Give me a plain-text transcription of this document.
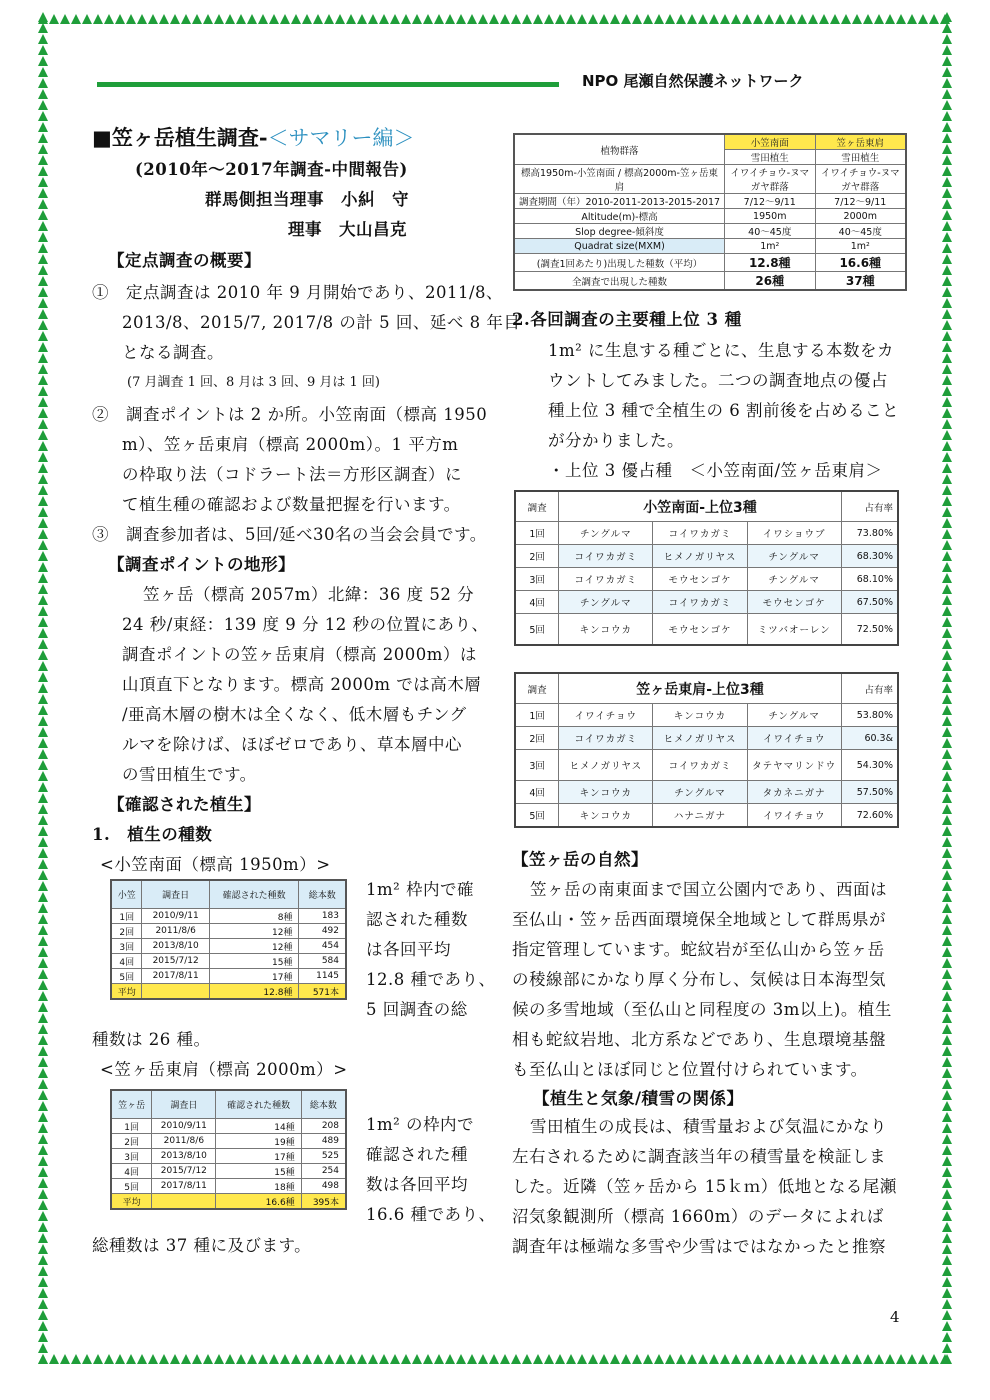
NPO 尾瀬自然保護ネットワーク
■笠ヶ岳植生調査-＜サマリー編＞
(2010年～2017年調査-中間報告)
群馬側担当理事　小糾　守
理事　大山昌克
【定点調査の概要】
①　定点調査は 2010 年 9 月開始であり、2011/8、
2013/8、2015/7, 2017/8 の計 5 回、延べ 8 年目
となる調査。
(7 月調査 1 回、8 月は 3 回、9 月は 1 回)
②　調査ポイントは 2 か所。小笠南面（標高 1950
m）、笠ヶ岳東肩（標高 2000m）。1 平方m
の枠取り法（コドラート法＝方形区調査）に
て植生種の確認および数量把握を行います。
③　調査参加者は、5回/延べ30名の当会会員です。
【調査ポイントの地形】
笠ヶ岳（標高 2057m）北緯：36 度 52 分
24 秒/東経：139 度 9 分 12 秒の位置にあり、
調査ポイントの笠ヶ岳東肩（標高 2000m）は
山頂直下となります。標高 2000m では高木層
/亜高木層の樹木は全くなく、低木層もチング
ルマを除けば、ほぼゼロであり、草本層中心
の雪田植生です。
【確認された植生】
1.　植生の種数
<小笠南面（標高 1950m）>
小笠	調査日	確認された種数	総本数
1回	2010/9/11	8種	183
2回	2011/8/6	12種	492
3回	2013/8/10	12種	454
4回	2015/7/12	15種	584
5回	2017/8/11	17種	1145
平均		12.8種	571本
1m² 枠内で確
認された種数
は各回平均
12.8 種であり、
5 回調査の総
種数は 26 種。
<笠ヶ岳東肩（標高 2000m）>
笠ヶ岳	調査日	確認された種数	総本数
1回	2010/9/11	14種	208
2回	2011/8/6	19種	489
3回	2013/8/10	17種	525
4回	2015/7/12	15種	254
5回	2017/8/11	18種	498
平均		16.6種	395本
1m² の枠内で
確認された種
数は各回平均
16.6 種であり、
総種数は 37 種に及びます。
植物群落	小笠南面	笠ヶ岳東肩
	雪田植生	雪田植生
標高1950m-小笠南面 / 標高2000m-笠ヶ岳東肩	イワイチョウ-ヌマガヤ群落	イワイチョウ-ヌマガヤ群落
調査期間（年）2010-2011-2013-2015-2017	7/12～9/11	7/12～9/11
Altitude(m)-標高	1950m	2000m
Slop degree-傾斜度	40～45度	40～45度
Quadrat size(MXM)	1m²	1m²
(調査1回あたり)出現した種数（平均）	12.8種	16.6種
全調査で出現した種数	26種	37種
2.各回調査の主要種上位 3 種
1m² に生息する種ごとに、生息する本数をカ
ウントしてみました。二つの調査地点の優占
種上位 3 種で全植生の 6 割前後を占めること
が分かりました。
・上位 3 優占種　＜小笠南面/笠ヶ岳東肩＞
調査	小笠南面-上位3種			占有率
1回	チングルマ	コイワカガミ	イワショウブ	73.80%
2回	コイワカガミ	ヒメノガリヤス	チングルマ	68.30%
3回	コイワカガミ	モウセンゴケ	チングルマ	68.10%
4回	チングルマ	コイワカガミ	モウセンゴケ	67.50%
5回	キンコウカ	モウセンゴケ	ミツバオーレン	72.50%
調査	笠ヶ岳東肩-上位3種			占有率
1回	イワイチョウ	キンコウカ	チングルマ	53.80%
2回	コイワカガミ	ヒメノガリヤス	イワイチョウ	60.3&
3回	ヒメノガリヤス	コイワカガミ	タテヤマリンドウ	54.30%
4回	キンコウカ	チングルマ	タカネニガナ	57.50%
5回	キンコウカ	ハナニガナ	イワイチョウ	72.60%
【笠ヶ岳の自然】
笠ヶ岳の南東面まで国立公園内であり、西面は
至仏山・笠ヶ岳西面環境保全地域として群馬県が
指定管理しています。蛇紋岩が至仏山から笠ヶ岳
の稜線部にかなり厚く分布し、気候は日本海型気
候の多雪地域（至仏山と同程度の 3m以上)。植生
相も蛇紋岩地、北方系などであり、生息環境基盤
も至仏山とほぼ同じと位置付けられています。
【植生と気象/積雪の関係】
雪田植生の成長は、積雪量および気温にかなり
左右されるために調査該当年の積雪量を検証しま
した。近隣（笠ヶ岳から 15ｋｍ）低地となる尾瀬
沼気象観測所（標高 1660m）のデータによれば
調査年は極端な多雪や少雪はではなかったと推察
4
